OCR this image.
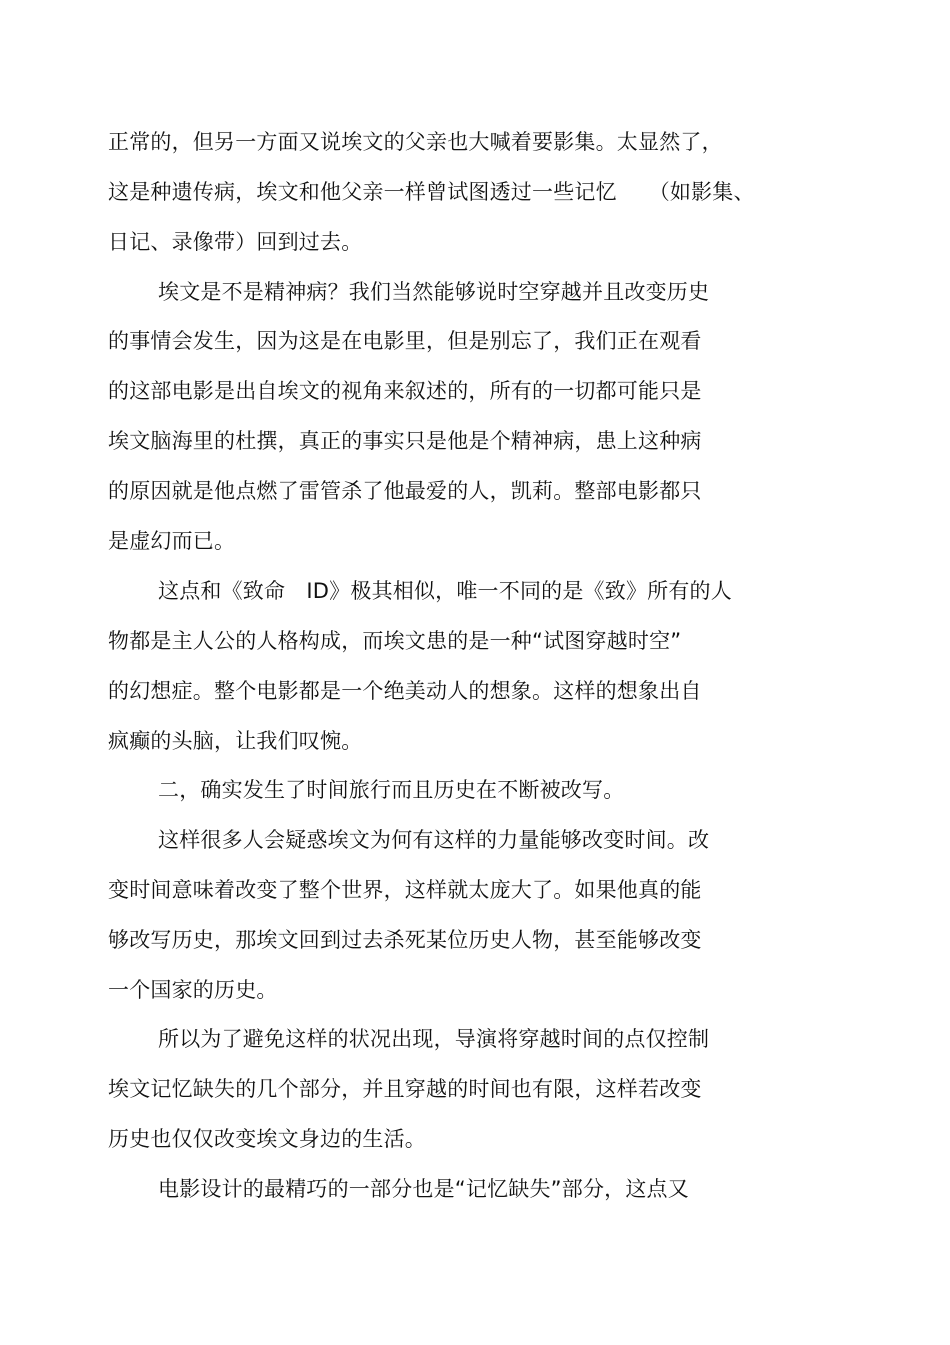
正常的，但另一方面又说埃文的父亲也大喊着要影集。太显然了，
这是种遗传病，埃文和他父亲一样曾试图透过一些记忆　　（如影集、
日记、录像带）回到过去。
埃文是不是精神病？我们当然能够说时空穿越并且改变历史
的事情会发生，因为这是在电影里，但是别忘了，我们正在观看
的这部电影是出自埃文的视角来叙述的，所有的一切都可能只是
埃文脑海里的杜撰，真正的事实只是他是个精神病，患上这种病
的原因就是他点燃了雷管杀了他最爱的人，凯莉。整部电影都只
是虚幻而已。
这点和《致命　ID》极其相似，唯一不同的是《致》所有的人
物都是主人公的人格构成，而埃文患的是一种“试图穿越时空”
的幻想症。整个电影都是一个绝美动人的想象。这样的想象出自
疯癫的头脑，让我们叹惋。
二，确实发生了时间旅行而且历史在不断被改写。
这样很多人会疑惑埃文为何有这样的力量能够改变时间。改
变时间意味着改变了整个世界，这样就太庞大了。如果他真的能
够改写历史，那埃文回到过去杀死某位历史人物，甚至能够改变
一个国家的历史。
所以为了避免这样的状况出现，导演将穿越时间的点仅控制
埃文记忆缺失的几个部分，并且穿越的时间也有限，这样若改变
历史也仅仅改变埃文身边的生活。
电影设计的最精巧的一部分也是“记忆缺失”部分，这点又
